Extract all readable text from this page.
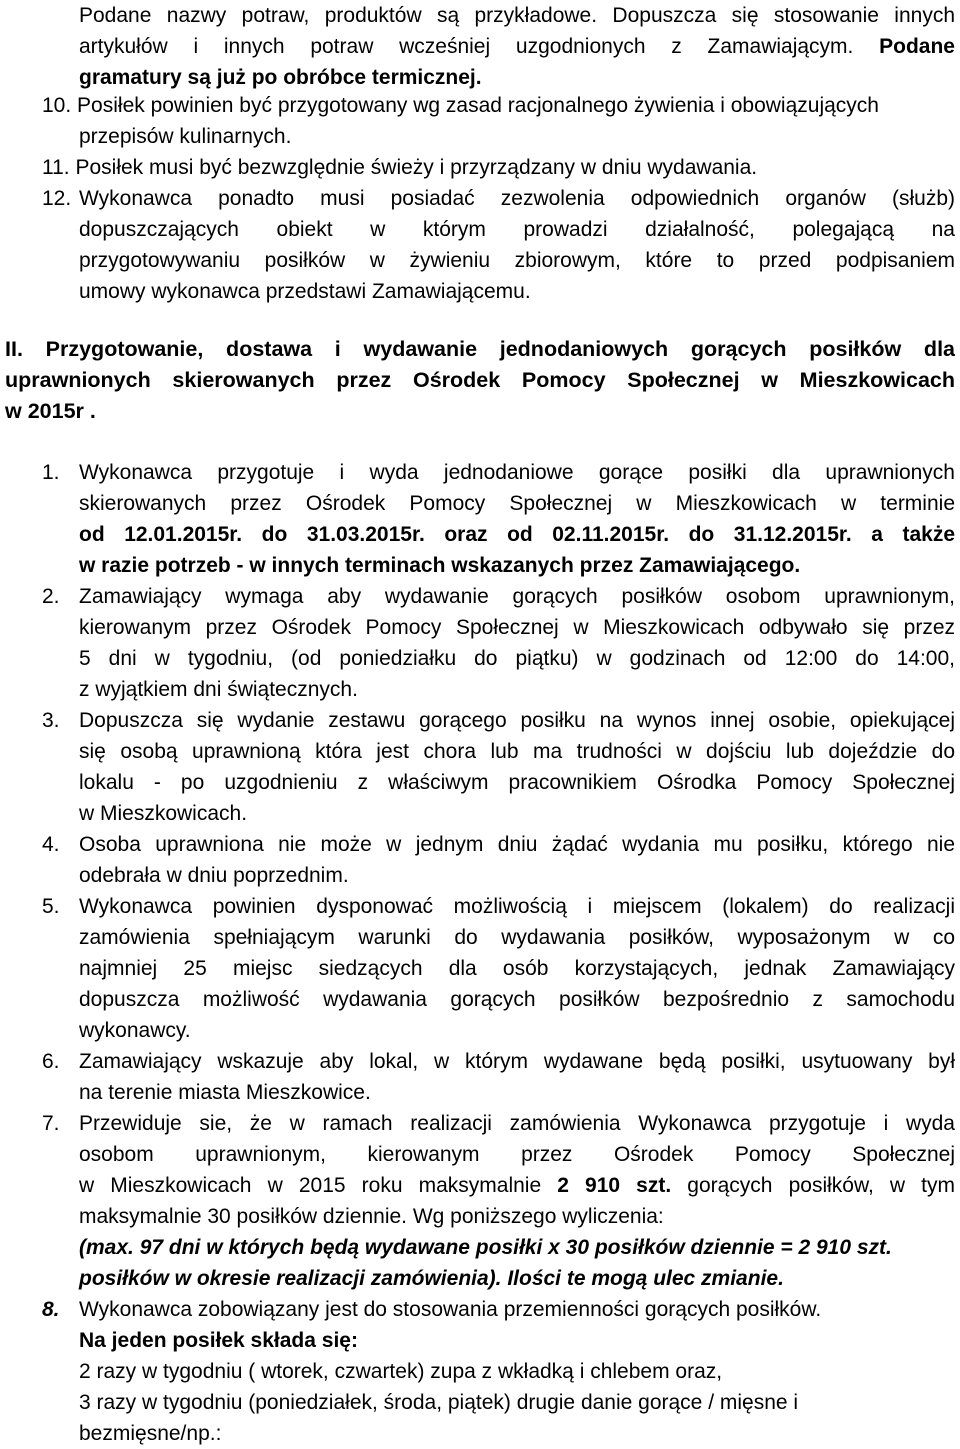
Podane nazwy potraw, produktów są przykładowe. Dopuszcza się stosowanie innych
artykułów i innych potraw wcześniej uzgodnionych z Zamawiającym. Podane
gramatury są już po obróbce termicznej.
10. Posiłek powinien być przygotowany wg zasad racjonalnego żywienia i obowiązujących
przepisów kulinarnych.
11. Posiłek musi być bezwzględnie świeży i przyrządzany w dniu wydawania.
12. Wykonawca ponadto musi posiadać zezwolenia odpowiednich organów (służb)
dopuszczających obiekt w którym prowadzi działalność, polegającą na
przygotowywaniu posiłków w żywieniu zbiorowym, które to przed podpisaniem
umowy wykonawca przedstawi Zamawiającemu.
II. Przygotowanie, dostawa i wydawanie jednodaniowych gorących posiłków dla
uprawnionych skierowanych przez Ośrodek Pomocy Społecznej w Mieszkowicach
w 2015r .
1. Wykonawca przygotuje i wyda jednodaniowe gorące posiłki dla uprawnionych
skierowanych przez Ośrodek Pomocy Społecznej w Mieszkowicach w terminie
od 12.01.2015r. do 31.03.2015r. oraz od 02.11.2015r. do 31.12.2015r. a także
w razie potrzeb - w innych terminach wskazanych przez Zamawiającego.
2. Zamawiający wymaga aby wydawanie gorących posiłków osobom uprawnionym,
kierowanym przez Ośrodek Pomocy Społecznej w Mieszkowicach odbywało się przez
5 dni w tygodniu, (od poniedziałku do piątku) w godzinach od 12:00 do 14:00,
z wyjątkiem dni świątecznych.
3. Dopuszcza się wydanie zestawu gorącego posiłku na wynos innej osobie, opiekującej
się osobą uprawnioną która jest chora lub ma trudności w dojściu lub dojeździe do
lokalu - po uzgodnieniu z właściwym pracownikiem Ośrodka Pomocy Społecznej
w Mieszkowicach.
4. Osoba uprawniona nie może w jednym dniu żądać wydania mu posiłku, którego nie
odebrała w dniu poprzednim.
5. Wykonawca powinien dysponować możliwością i miejscem (lokalem) do realizacji
zamówienia spełniającym warunki do wydawania posiłków, wyposażonym w co
najmniej 25 miejsc siedzących dla osób korzystających, jednak Zamawiający
dopuszcza możliwość wydawania gorących posiłków bezpośrednio z samochodu
wykonawcy.
6. Zamawiający wskazuje aby lokal, w którym wydawane będą posiłki, usytuowany był
na terenie miasta Mieszkowice.
7. Przewiduje sie, że w ramach realizacji zamówienia Wykonawca przygotuje i wyda
osobom uprawnionym, kierowanym przez Ośrodek Pomocy Społecznej
w Mieszkowicach w 2015 roku maksymalnie 2 910 szt. gorących posiłków, w tym
maksymalnie 30 posiłków dziennie. Wg poniższego wyliczenia:
(max. 97 dni w których będą wydawane posiłki x 30 posiłków dziennie = 2 910 szt.
posiłków w okresie realizacji zamówienia). Ilości te mogą ulec zmianie.
8. Wykonawca zobowiązany jest do stosowania przemienności gorących posiłków.
Na jeden posiłek składa się:
2 razy w tygodniu ( wtorek, czwartek) zupa z wkładką i chlebem oraz,
3 razy w tygodniu (poniedziałek, środa, piątek) drugie danie gorące / mięsne i
bezmięsne/np.:
